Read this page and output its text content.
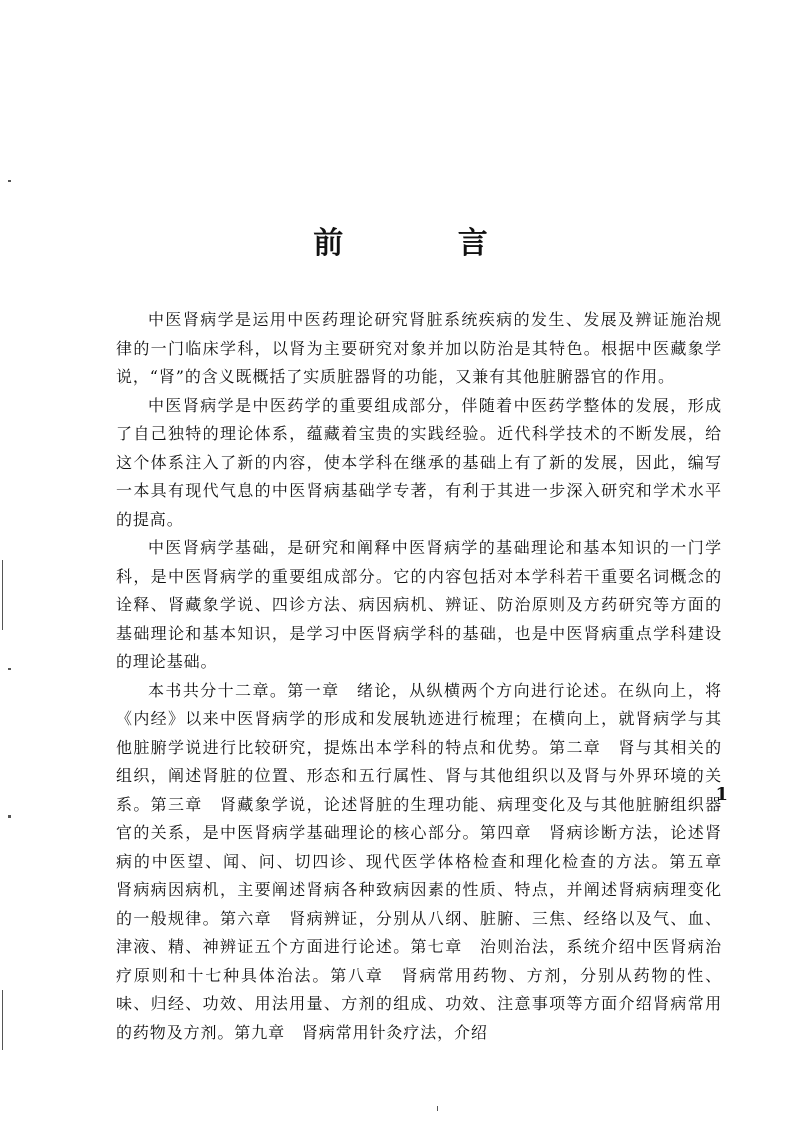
前 言

中医肾病学是运用中医药理论研究肾脏系统疾病的发生、发展及辨证施治规律的一门临床学科，以肾为主要研究对象并加以防治是其特色。根据中医藏象学说，“肾”的含义既概括了实质脏器肾的功能，又兼有其他脏腑器官的作用。

中医肾病学是中医药学的重要组成部分，伴随着中医药学整体的发展，形成了自己独特的理论体系，蕴藏着宝贵的实践经验。近代科学技术的不断发展，给这个体系注入了新的内容，使本学科在继承的基础上有了新的发展，因此，编写一本具有现代气息的中医肾病基础学专著，有利于其进一步深入研究和学术水平的提高。

中医肾病学基础，是研究和阐释中医肾病学的基础理论和基本知识的一门学科，是中医肾病学的重要组成部分。它的内容包括对本学科若干重要名词概念的诠释、肾藏象学说、四诊方法、病因病机、辨证、防治原则及方药研究等方面的基础理论和基本知识，是学习中医肾病学科的基础，也是中医肾病重点学科建设的理论基础。

本书共分十二章。第一章　绪论，从纵横两个方向进行论述。在纵向上，将《内经》以来中医肾病学的形成和发展轨迹进行梳理；在横向上，就肾病学与其他脏腑学说进行比较研究，提炼出本学科的特点和优势。第二章　肾与其相关的组织，阐述肾脏的位置、形态和五行属性、肾与其他组织以及肾与外界环境的关系。第三章　肾藏象学说，论述肾脏的生理功能、病理变化及与其他脏腑组织器官的关系，是中医肾病学基础理论的核心部分。第四章　肾病诊断方法，论述肾病的中医望、闻、问、切四诊、现代医学体格检查和理化检查的方法。第五章　肾病病因病机，主要阐述肾病各种致病因素的性质、特点，并阐述肾病病理变化的一般规律。第六章　肾病辨证，分别从八纲、脏腑、三焦、经络以及气、血、津液、精、神辨证五个方面进行论述。第七章　治则治法，系统介绍中医肾病治疗原则和十七种具体治法。第八章　肾病常用药物、方剂，分别从药物的性、味、归经、功效、用法用量、方剂的组成、功效、注意事项等方面介绍肾病常用的药物及方剂。第九章　肾病常用针灸疗法，介绍

1
